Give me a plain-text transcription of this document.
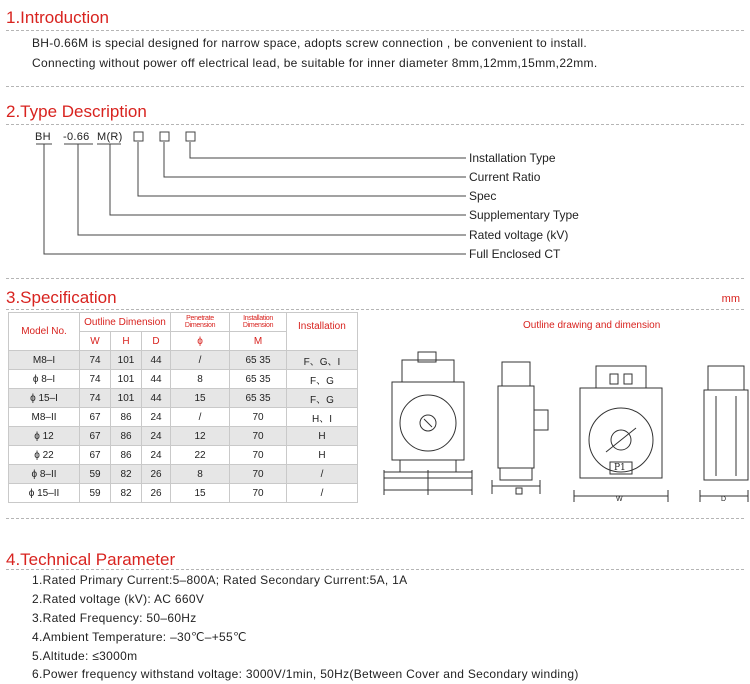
1.Introduction
BH-0.66M is special designed for narrow space, adopts screw connection , be convenient to install.
Connecting without power off electrical lead, be suitable for inner diameter 8mm,12mm,15mm,22mm.
2.Type Description
BH -0.66 M(R)
Installation Type
Current Ratio
Spec
Supplementary Type
Rated voltage (kV)
Full Enclosed CT
3.Specification	mm
Model No.	Outline Dimension			Penetrate Dimension	Installation Dimension	
	W	H	D	ϕ	M	
M8–I	74	101	44	/	65 35	F、G、I
ϕ 8–I	74	101	44	8	65 35	F、G
ϕ 15–I	74	101	44	15	65 35	F、G
M8–II	67	86	24	/	70	H、I
ϕ 12	67	86	24	12	70	H
ϕ 22	67	86	24	22	70	H
ϕ 8–II	59	82	26	8	70	/
ϕ 15–II	59	82	26	15	70	/
Installation	Outline drawing and dimension
P1
W	D
4.Technical Parameter
1.Rated Primary Current:5–800A; Rated Secondary Current:5A, 1A
2.Rated voltage (kV): AC 660V
3.Rated Frequency: 50–60Hz
4.Ambient Temperature: –30℃–+55℃
5.Altitude: ≤3000m
6.Power frequency withstand voltage: 3000V/1min, 50Hz(Between Cover and Secondary winding)
